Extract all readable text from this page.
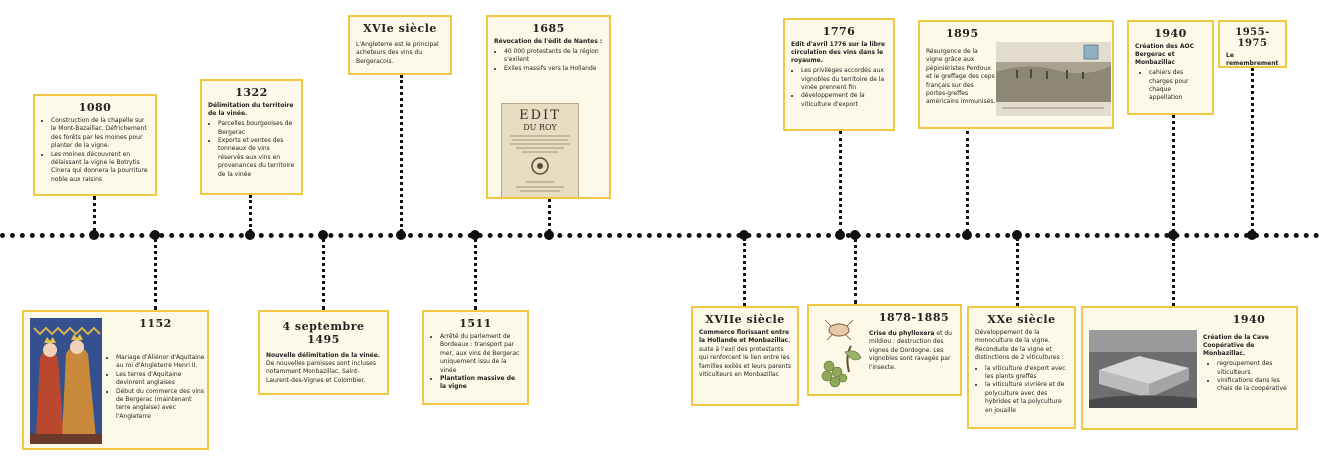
1080
• Construction de la chapelle sur le Mont-Bazaillac. Défrichement des forêts par les moines pour planter de la vigne.
• Les moines découvrent en délaissant la vigne le Botrytis Cinera qui donnera la pourriture noble aux raisins
1152
• Mariage d'Aliénor d'Aquitaine au roi d'Angleterre Henri II.
• Les terres d'Aquitaine devinrent anglaises
• Début du commerce des vins de Bergerac (maintenant terre anglaise) avec l'Angleterre
1322
Délimitation du territoire de la vinée.
• Parcelles bourgeoises de Bergerac
• Exports et ventes des tonneaux de vins réservés aux vins en provenances du territoire de la vinée
4 septembre 1495
Nouvelle délimitation de la vinée.
De nouvelles paroisses sont incluses notamment Monbazillac, Saint-Laurent-des-Vignes et Colombier.
XVIe siècle
L'Angleterre est le principal acheteurs des vins du Bergeracois.
1511
• Arrêté du parlement de Bordeaux : transport par mer, aux vins de Bergerac uniquement issu de la vinée
• Plantation massive de la vigne
1685
Révocation de l'édit de Nantes :
• 40 000 protestants de la région s'exilent
• Exiles massifs vers la Hollande
EDIT
DU ROY
XVIIe siècle
Commerce florissant entre la Hollande et Monbazillac, suite à l'exil des protestants qui renforcent le lien entre les familles exilés et leurs parents viticulteurs en Monbazillac
1776
Edit d'avril 1776 sur la libre circulation des vins dans le royaume.
• Les privilèges accordés aux vignobles du territoire de la vinée prennent fin
• développement de la viticulture d'export
1878-1885
Crise du phylloxera et du mildiou : destruction des vignes de Dordogne. Les vignobles sont ravagés par l'insecte.
1895
Résurgence de la vigne grâce aux pépiniéristes Perdoux et le greffage des ceps français sur des portes-greffes américains immunisés.
XXe siècle
Développement de la monoculture de la vigne. Reconduite de la vigne et distinctions de 2 viticultures :
• la viticulture d'export avec les plants greffés
• la viticulture vivrière et de polyculture avec des hybrides et la polyculture en jouaille
1940
Création des AOC Bergerac et Monbazillac
• cahiers des charges pour chaque appellation
1940
Création de la Cave Coopérative de Monbazillac.
• regroupement des viticulteurs
• vinifications dans les chais de la coopérative
1955-1975
Le remembrement
